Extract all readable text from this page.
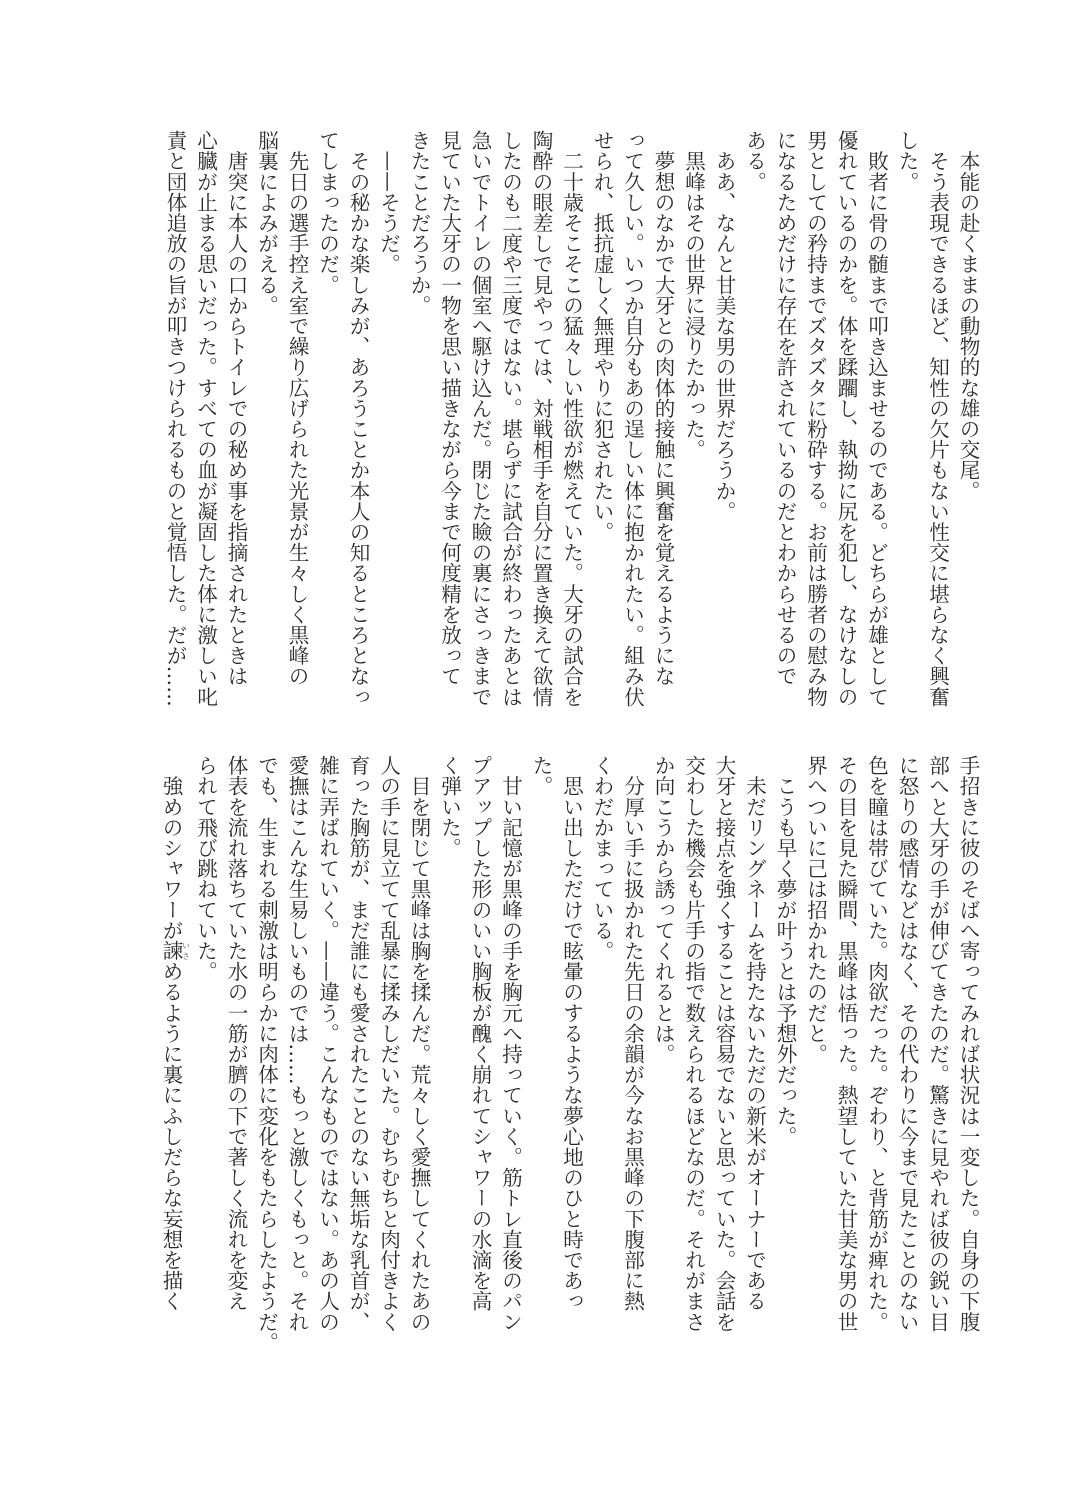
　本能の赴くままの動物的な雄の交尾。
　そう表現できるほど、知性の欠片もない性交に堪らなく興奮
した。
　敗者に骨の髄まで叩き込ませるのである。どちらが雄として
優れているのかを。体を蹂躙し、執拗に尻を犯し、なけなしの
男としての矜持までズタズタに粉砕する。お前は勝者の慰み物
になるためだけに存在を許されているのだとわからせるので
ある。
　ああ、なんと甘美な男の世界だろうか。
　黒峰はその世界に浸りたかった。
　夢想のなかで大牙との肉体的接触に興奮を覚えるようにな
って久しい。いつか自分もあの逞しい体に抱かれたい。組み伏
せられ、抵抗虚しく無理やりに犯されたい。
　二十歳そこそこの猛々しい性欲が燃えていた。大牙の試合を
陶酔の眼差しで見やっては、対戦相手を自分に置き換えて欲情
したのも二度や三度ではない。堪らずに試合が終わったあとは
急いでトイレの個室へ駆け込んだ。閉じた瞼の裏にさっきまで
見ていた大牙の一物を思い描きながら今まで何度精を放って
きたことだろうか。
　——そうだ。
　その秘かな楽しみが、あろうことか本人の知るところとなっ
てしまったのだ。
　先日の選手控え室で繰り広げられた光景が生々しく黒峰の
脳裏によみがえる。
　唐突に本人の口からトイレでの秘め事を指摘されたときは
心臓が止まる思いだった。すべての血が凝固した体に激しい叱
責と団体追放の旨が叩きつけられるものと覚悟した。だが……
手招きに彼のそばへ寄ってみれば状況は一変した。自身の下腹
部へと大牙の手が伸びてきたのだ。驚きに見やれば彼の鋭い目
に怒りの感情などはなく、その代わりに今まで見たことのない
色を瞳は帯びていた。肉欲だった。ぞわり、と背筋が痺れた。
その目を見た瞬間、黒峰は悟った。熱望していた甘美な男の世
界へついに己は招かれたのだと。
　こうも早く夢が叶うとは予想外だった。
　未だリングネームを持たないただの新米がオーナーである
大牙と接点を強くすることは容易でないと思っていた。会話を
交わした機会も片手の指で数えられるほどなのだ。それがまさ
か向こうから誘ってくれるとは。
　分厚い手に扱かれた先日の余韻が今なお黒峰の下腹部に熱
くわだかまっている。
　思い出しただけで眩暈のするような夢心地のひと時であっ
た。
　甘い記憶が黒峰の手を胸元へ持っていく。筋トレ直後のパン
プアップした形のいい胸板が醜く崩れてシャワーの水滴を高
く弾いた。
　目を閉じて黒峰は胸を揉んだ。荒々しく愛撫してくれたあの
人の手に見立てて乱暴に揉みしだいた。むちむちと肉付きよく
育った胸筋が、まだ誰にも愛されたことのない無垢な乳首が、
雑に弄ばれていく。——違う。こんなものではない。あの人の
愛撫はこんな生易しいものでは……もっと激しくもっと。それ
でも、生まれる刺激は明らかに肉体に変化をもたらしたようだ。
体表を流れ落ちていた水の一筋が臍の下で著しく流れを変え
られて飛び跳ねていた。
　強めのシャワーが諫いさめるように裏にふしだらな妄想を描く
